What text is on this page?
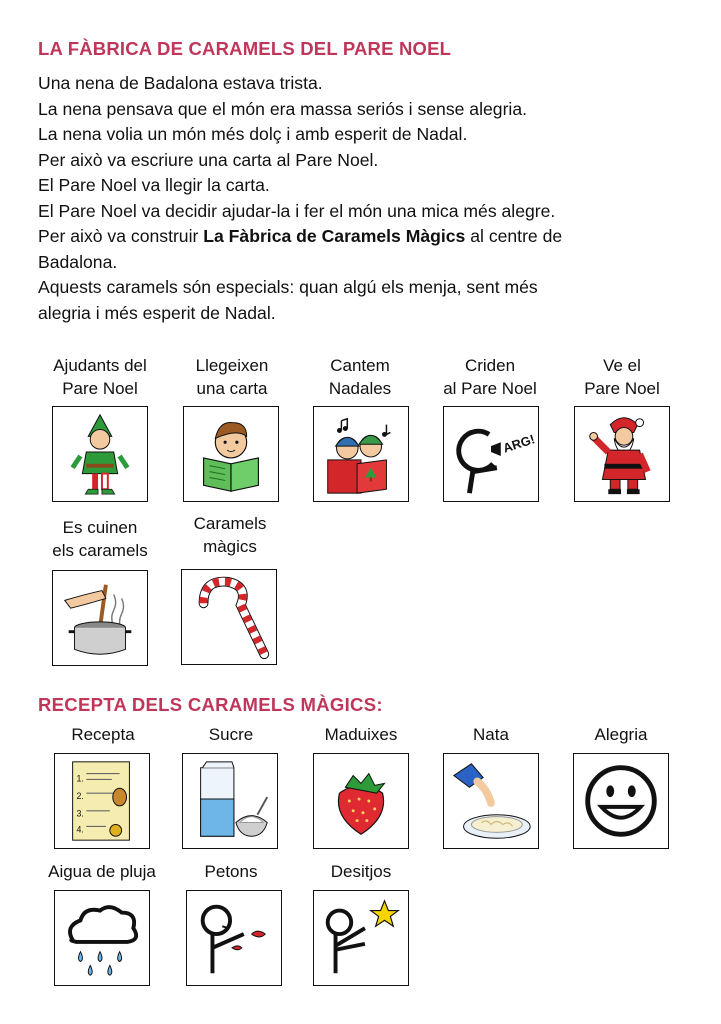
LA FÀBRICA DE CARAMELS DEL PARE NOEL
Una nena de Badalona estava trista.
La nena pensava que el món era massa seriós i sense alegria.
La nena volia un món més dolç i amb esperit de Nadal.
Per això va escriure una carta al Pare Noel.
El Pare Noel va llegir la carta.
El Pare Noel va decidir ajudar-la i fer el món una mica més alegre.
Per això va construir La Fàbrica de Caramels Màgics al centre de
Badalona.
Aquests caramels són especials: quan algú els menja, sent més
alegria i més esperit de Nadal.
Ajudants del
Pare Noel
Llegeixen
una carta
Cantem
Nadales
Criden
al Pare Noel
ARG!
Ve el
Pare Noel
Es cuinen
els caramels
Caramels
màgics
RECEPTA DELS CARAMELS MÀGICS:
Recepta
1.
2.
3.
4.
Sucre	Maduixes	Nata	Alegria
Aigua de pluja	Petons	Desitjos
